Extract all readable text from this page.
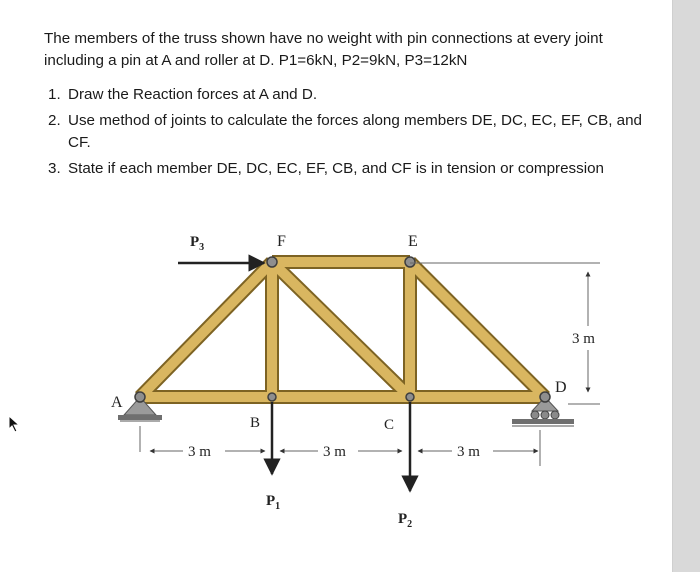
The members of the truss shown have no weight with pin connections at every joint including a pin at A and roller at D. P1=6kN, P2=9kN, P3=12kN

1. Draw the Reaction forces at A and D.
2. Use method of joints to calculate the forces along members DE, DC, EC, EF, CB, and CF.
3. State if each member DE, DC, EC, EF, CB, and CF is in tension or compression
$P_3$	F	E
A
B	C
D
3 m
3 m	3 m	3 m
$P_1$
$P_2$
